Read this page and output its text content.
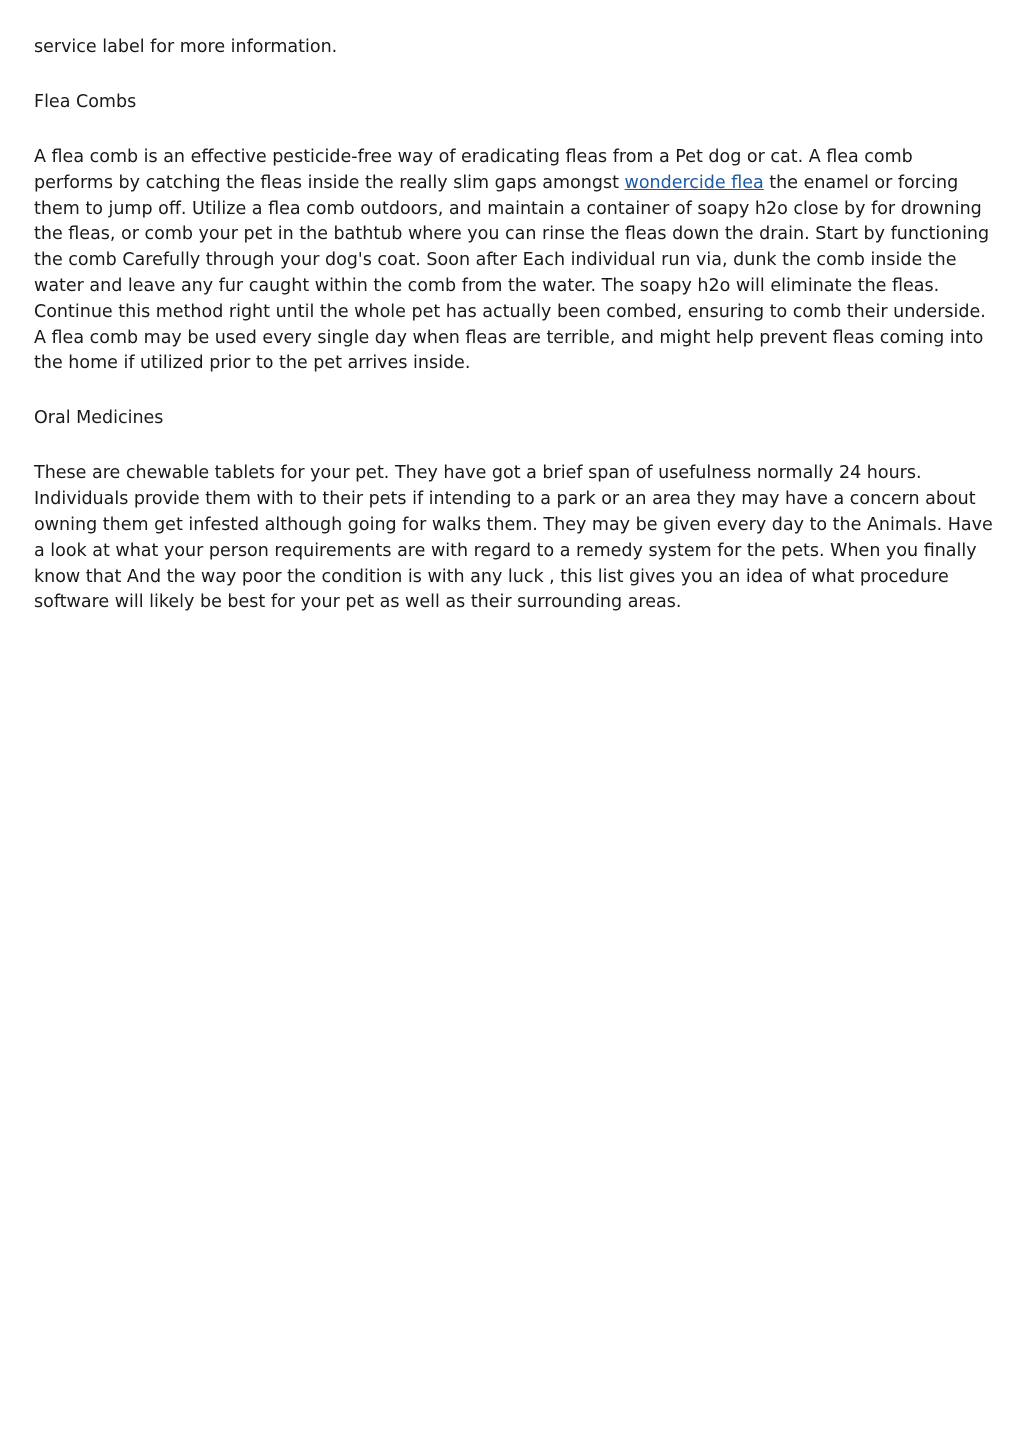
service label for more information.

Flea Combs

A flea comb is an effective pesticide-free way of eradicating fleas from a Pet dog or cat. A flea comb performs by catching the fleas inside the really slim gaps amongst wondercide flea the enamel or forcing them to jump off. Utilize a flea comb outdoors, and maintain a container of soapy h2o close by for drowning the fleas, or comb your pet in the bathtub where you can rinse the fleas down the drain. Start by functioning the comb Carefully through your dog's coat. Soon after Each individual run via, dunk the comb inside the water and leave any fur caught within the comb from the water. The soapy h2o will eliminate the fleas. Continue this method right until the whole pet has actually been combed, ensuring to comb their underside. A flea comb may be used every single day when fleas are terrible, and might help prevent fleas coming into the home if utilized prior to the pet arrives inside.

Oral Medicines

These are chewable tablets for your pet. They have got a brief span of usefulness normally 24 hours. Individuals provide them with to their pets if intending to a park or an area they may have a concern about owning them get infested although going for walks them. They may be given every day to the Animals. Have a look at what your person requirements are with regard to a remedy system for the pets. When you finally know that And the way poor the condition is with any luck , this list gives you an idea of what procedure software will likely be best for your pet as well as their surrounding areas.
